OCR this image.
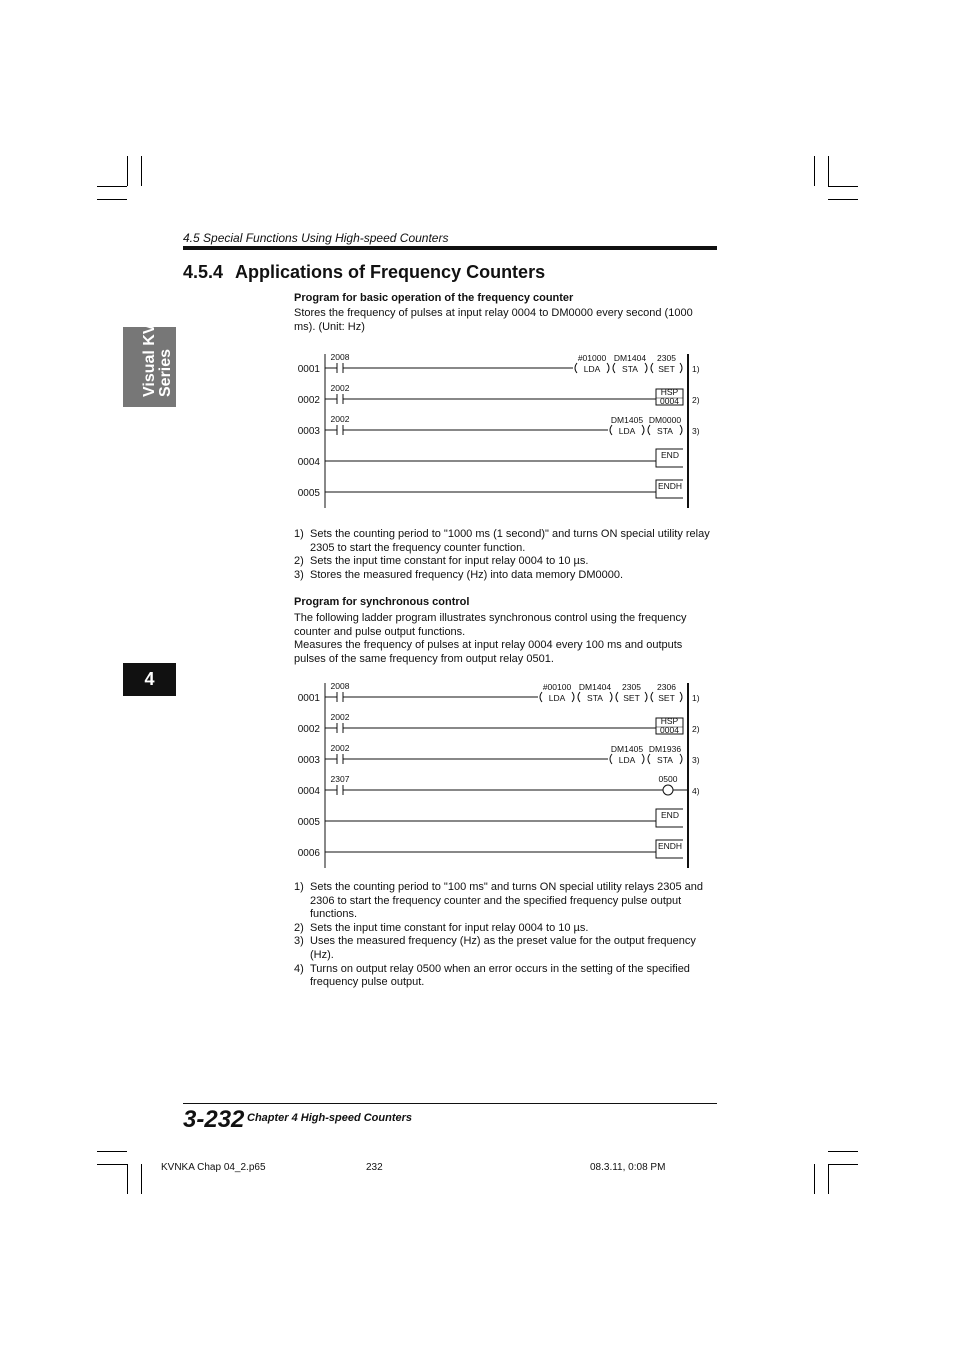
4.5 Special Functions Using High-speed Counters
4.5.4 Applications of Frequency Counters
Visual KV Series
4
Program for basic operation of the frequency counter

Stores the frequency of pulses at input relay 0004 to DM0000 every second (1000 ms). (Unit: Hz)

0001	LDA
#01000
STA
DM1404
SET
2305
2008
1)
0002
HSP
0004
2002
2)
0003	LDA
DM1405
STA
DM0000
2002
3)
0004
END
0005
ENDH
1) Sets the counting period to "1000 ms (1 second)" and turns ON special utility relay 2305 to start the frequency counter function.
2) Sets the input time constant for input relay 0004 to 10 µs.
3) Stores the measured frequency (Hz) into data memory DM0000.
Program for synchronous control

The following ladder program illustrates synchronous control using the frequency counter and pulse output functions.

Measures the frequency of pulses at input relay 0004 every 100 ms and outputs pulses of the same frequency from output relay 0501.

0001	LDA
#00100
STA
DM1404
SET
2305
SET
2306
2008
1)
0002
HSP
0004
2002
2)
0003	LDA
DM1405
STA
DM1936
2002
3)
0004
0500
2307
4)
0005
END
0006
ENDH
1) Sets the counting period to "100 ms" and turns ON special utility relays 2305 and 2306 to start the frequency counter and the specified frequency pulse output functions.
2) Sets the input time constant for input relay 0004 to 10 µs.
3) Uses the measured frequency (Hz) as the preset value for the output frequency (Hz).
4) Turns on output relay 0500 when an error occurs in the setting of the specified frequency pulse output.
3-232 Chapter 4 High-speed Counters
KVNKA Chap 04_2.p65	232	08.3.11, 0:08 PM
